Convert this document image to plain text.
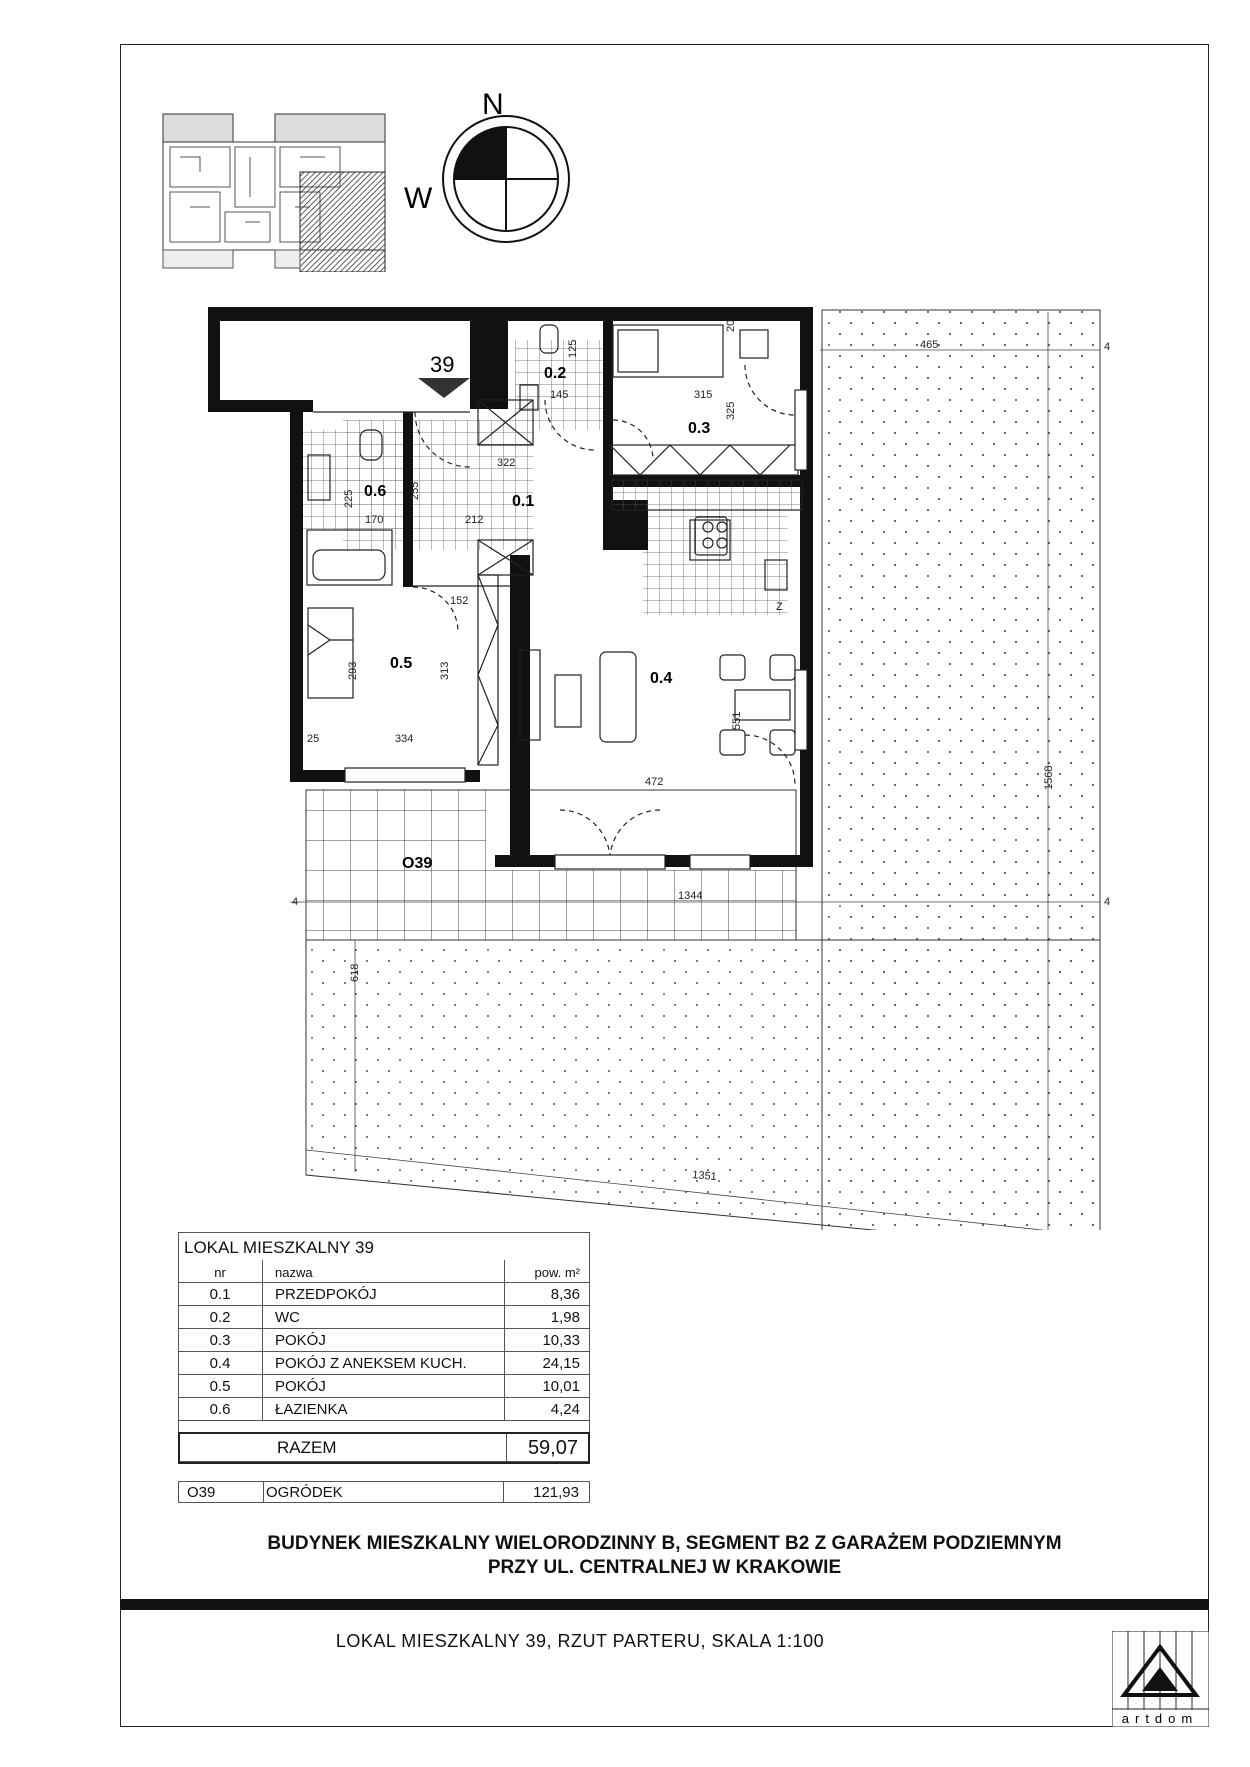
N
W
39
0.1
0.2
0.3
0.4
0.5
0.6
O39
465
315
325
20
145
125
322
255
212
225
170
152
293	313
334
25
551
472
1344
1568
618
1351
4
4
4
Z
LOKAL MIESZKALNY 39
nr	nazwa	pow. m²
0.1	PRZEDPOKÓJ	8,36
0.2	WC	1,98
0.3	POKÓJ	10,33
0.4	POKÓJ Z ANEKSEM KUCH.	24,15
0.5	POKÓJ	10,01
0.6	ŁAZIENKA	4,24
RAZEM	59,07
O39	OGRÓDEK	121,93
BUDYNEK MIESZKALNY WIELORODZINNY B, SEGMENT B2 Z GARAŻEM PODZIEMNYM
PRZY UL. CENTRALNEJ W KRAKOWIE
LOKAL MIESZKALNY 39, RZUT PARTERU, SKALA 1:100
artdom
